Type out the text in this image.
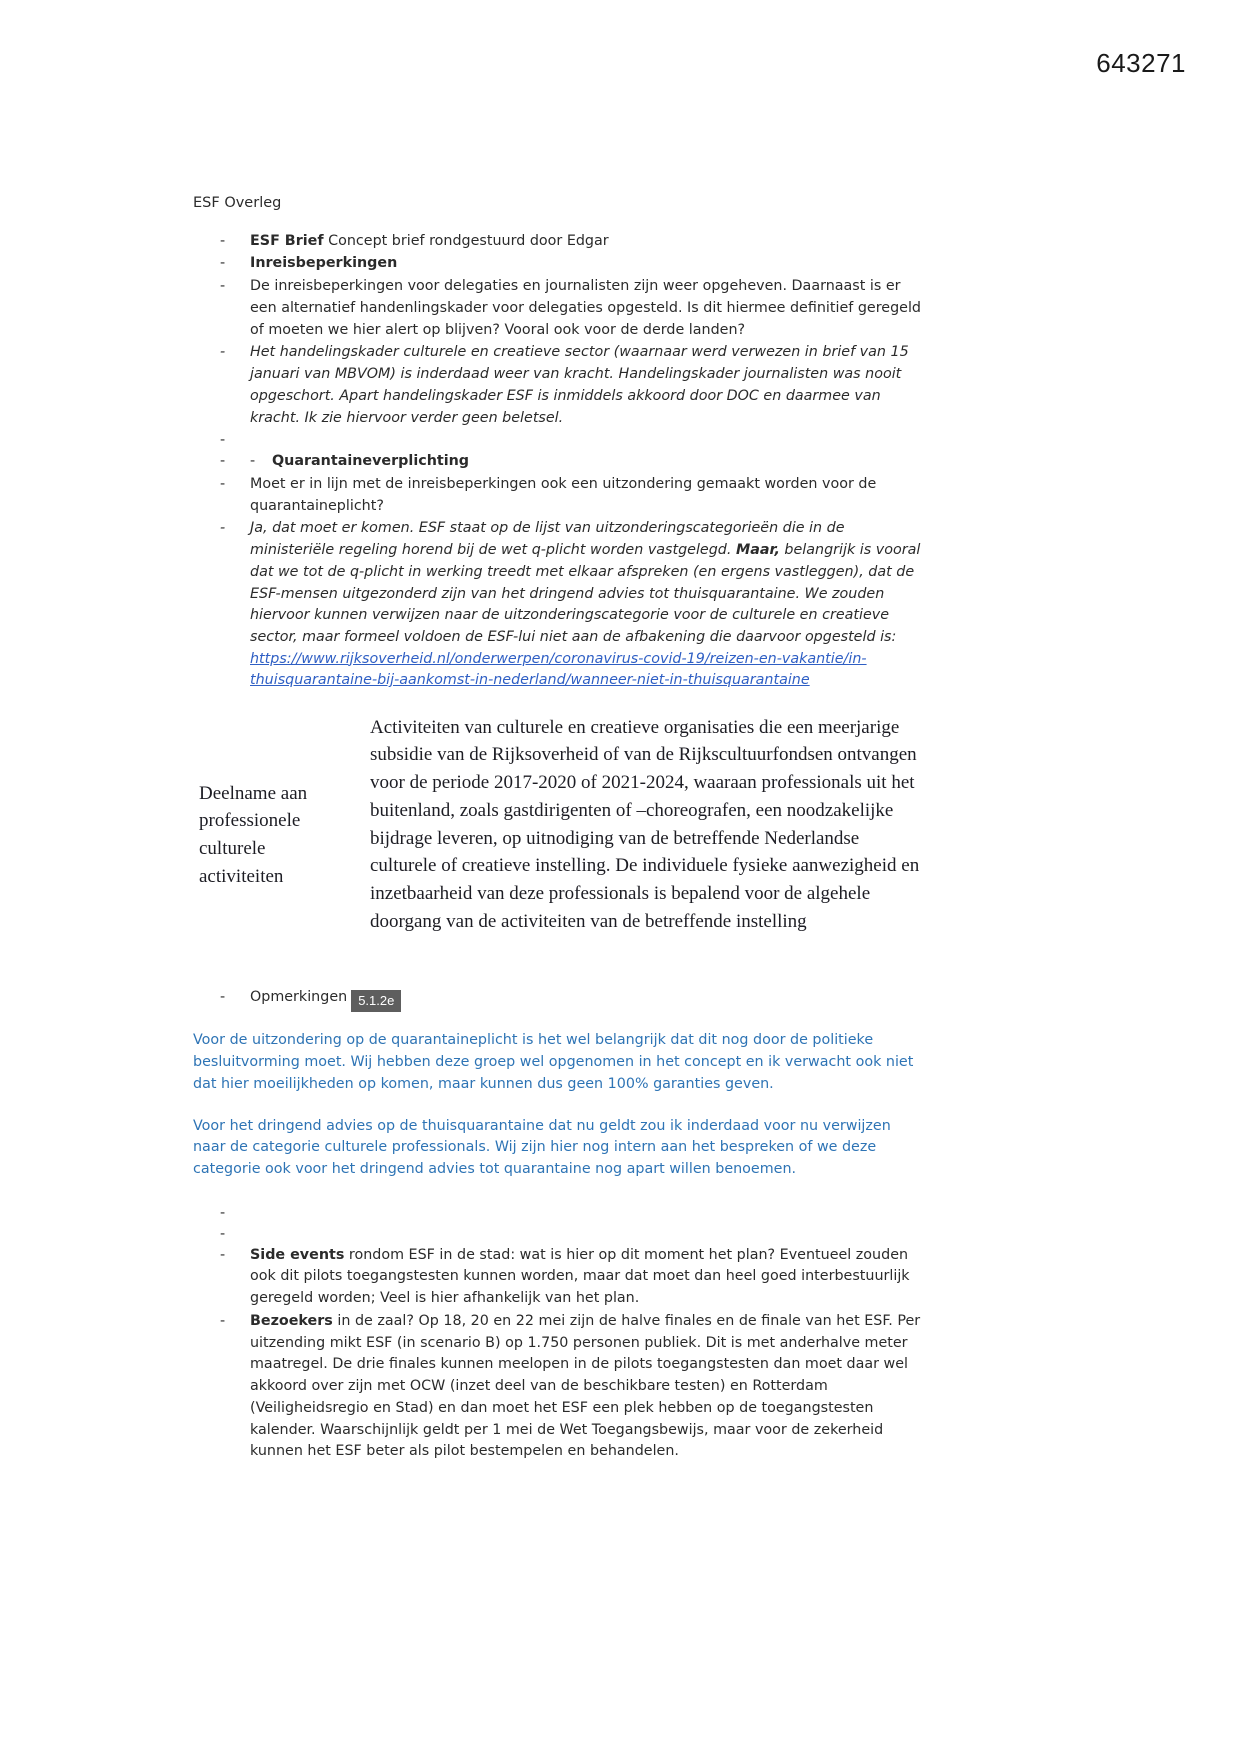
643271
ESF Overleg
- ESF Brief Concept brief rondgestuurd door Edgar
- Inreisbeperkingen
- De inreisbeperkingen voor delegaties en journalisten zijn weer opgeheven. Daarnaast is er een alternatief handenlingskader voor delegaties opgesteld. Is dit hiermee definitief geregeld of moeten we hier alert op blijven? Vooral ook voor de derde landen?
- Het handelingskader culturele en creatieve sector (waarnaar werd verwezen in brief van 15 januari van MBVOM) is inderdaad weer van kracht. Handelingskader journalisten was nooit opgeschort. Apart handelingskader ESF is inmiddels akkoord door DOC en daarmee van kracht. Ik zie hiervoor verder geen beletsel.
-
- - Quarantaineverplichting
- Moet er in lijn met de inreisbeperkingen ook een uitzondering gemaakt worden voor de quarantaineplicht?
- Ja, dat moet er komen. ESF staat op de lijst van uitzonderingscategorieën die in de ministeriële regeling horend bij de wet q-plicht worden vastgelegd. Maar, belangrijk is vooral dat we tot de q-plicht in werking treedt met elkaar afspreken (en ergens vastleggen), dat de ESF-mensen uitgezonderd zijn van het dringend advies tot thuisquarantaine. We zouden hiervoor kunnen verwijzen naar de uitzonderingscategorie voor de culturele en creatieve sector, maar formeel voldoen de ESF-lui niet aan de afbakening die daarvoor opgesteld is:
https://www.rijksoverheid.nl/onderwerpen/coronavirus-covid-19/reizen-en-vakantie/in-
thuisquarantaine-bij-aankomst-in-nederland/wanneer-niet-in-thuisquarantaine
Deelname aan
professionele
culturele
activiteiten
Activiteiten van culturele en creatieve organisaties die een meerjarige subsidie van de Rijksoverheid of van de Rijkscultuurfondsen ontvangen voor de periode 2017-2020 of 2021-2024, waaraan professionals uit het buitenland, zoals gastdirigenten of –choreografen, een noodzakelijke bijdrage leveren, op uitnodiging van de betreffende Nederlandse culturele of creatieve instelling. De individuele fysieke aanwezigheid en inzetbaarheid van deze professionals is bepalend voor de algehele doorgang van de activiteiten van de betreffende instelling
- Opmerkingen 5.1.2e
Voor de uitzondering op de quarantaineplicht is het wel belangrijk dat dit nog door de politieke besluitvorming moet. Wij hebben deze groep wel opgenomen in het concept en ik verwacht ook niet dat hier moeilijkheden op komen, maar kunnen dus geen 100% garanties geven.
Voor het dringend advies op de thuisquarantaine dat nu geldt zou ik inderdaad voor nu verwijzen naar de categorie culturele professionals. Wij zijn hier nog intern aan het bespreken of we deze categorie ook voor het dringend advies tot quarantaine nog apart willen benoemen.
-
-
- Side events rondom ESF in de stad: wat is hier op dit moment het plan? Eventueel zouden ook dit pilots toegangstesten kunnen worden, maar dat moet dan heel goed interbestuurlijk geregeld worden; Veel is hier afhankelijk van het plan.
- Bezoekers in de zaal? Op 18, 20 en 22 mei zijn de halve finales en de finale van het ESF. Per uitzending mikt ESF (in scenario B) op 1.750 personen publiek. Dit is met anderhalve meter maatregel. De drie finales kunnen meelopen in de pilots toegangstesten dan moet daar wel akkoord over zijn met OCW (inzet deel van de beschikbare testen) en Rotterdam (Veiligheidsregio en Stad) en dan moet het ESF een plek hebben op de toegangstesten kalender. Waarschijnlijk geldt per 1 mei de Wet Toegangsbewijs, maar voor de zekerheid kunnen het ESF beter als pilot bestempelen en behandelen.
